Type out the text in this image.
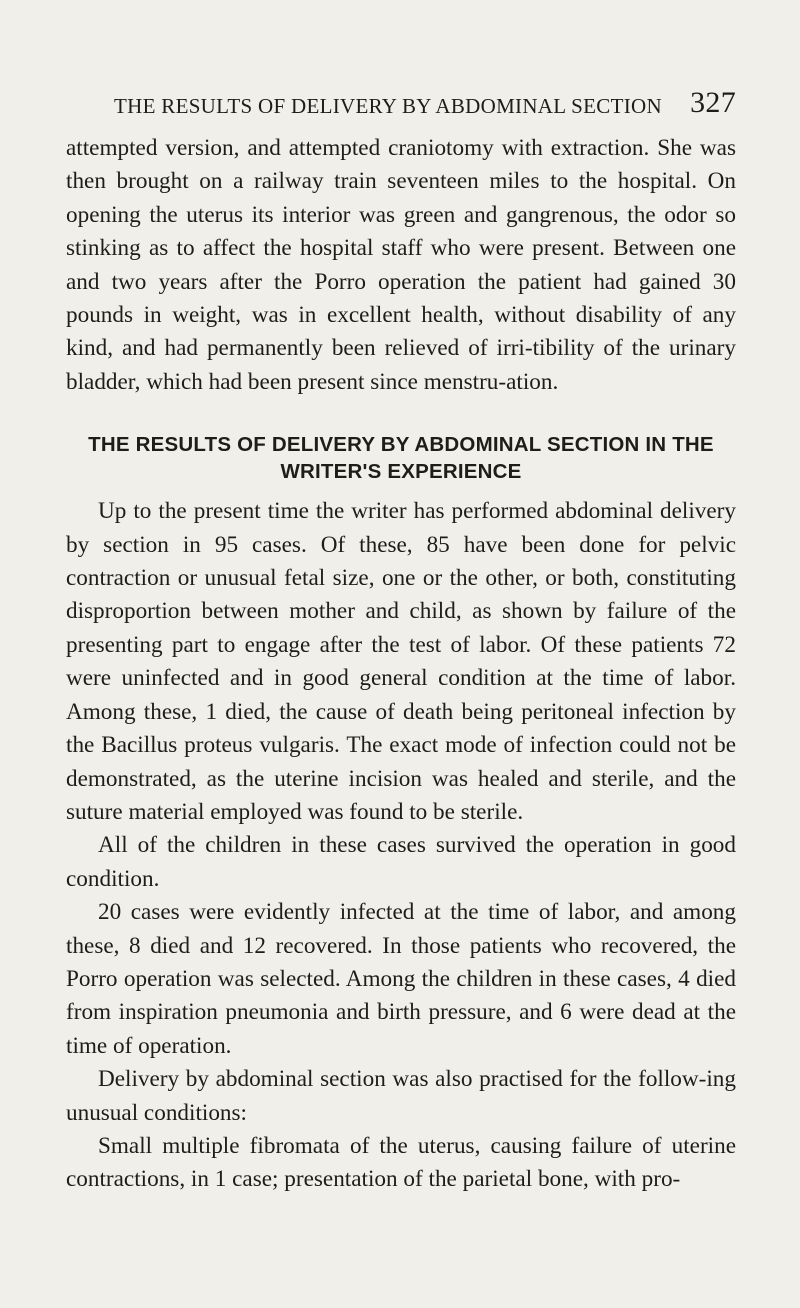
THE RESULTS OF DELIVERY BY ABDOMINAL SECTION 327

attempted version, and attempted craniotomy with extraction. She was then brought on a railway train seventeen miles to the hospital. On opening the uterus its interior was green and gangrenous, the odor so stinking as to affect the hospital staff who were present. Between one and two years after the Porro operation the patient had gained 30 pounds in weight, was in excellent health, without disability of any kind, and had permanently been relieved of irri-tibility of the urinary bladder, which had been present since menstru-ation.

THE RESULTS OF DELIVERY BY ABDOMINAL SECTION IN THE WRITER'S EXPERIENCE

Up to the present time the writer has performed abdominal delivery by section in 95 cases. Of these, 85 have been done for pelvic contraction or unusual fetal size, one or the other, or both, constituting disproportion between mother and child, as shown by failure of the presenting part to engage after the test of labor. Of these patients 72 were uninfected and in good general condition at the time of labor. Among these, 1 died, the cause of death being peritoneal infection by the Bacillus proteus vulgaris. The exact mode of infection could not be demonstrated, as the uterine incision was healed and sterile, and the suture material employed was found to be sterile.

All of the children in these cases survived the operation in good condition.

20 cases were evidently infected at the time of labor, and among these, 8 died and 12 recovered. In those patients who recovered, the Porro operation was selected. Among the children in these cases, 4 died from inspiration pneumonia and birth pressure, and 6 were dead at the time of operation.

Delivery by abdominal section was also practised for the follow-ing unusual conditions:

Small multiple fibromata of the uterus, causing failure of uterine contractions, in 1 case; presentation of the parietal bone, with pro-
